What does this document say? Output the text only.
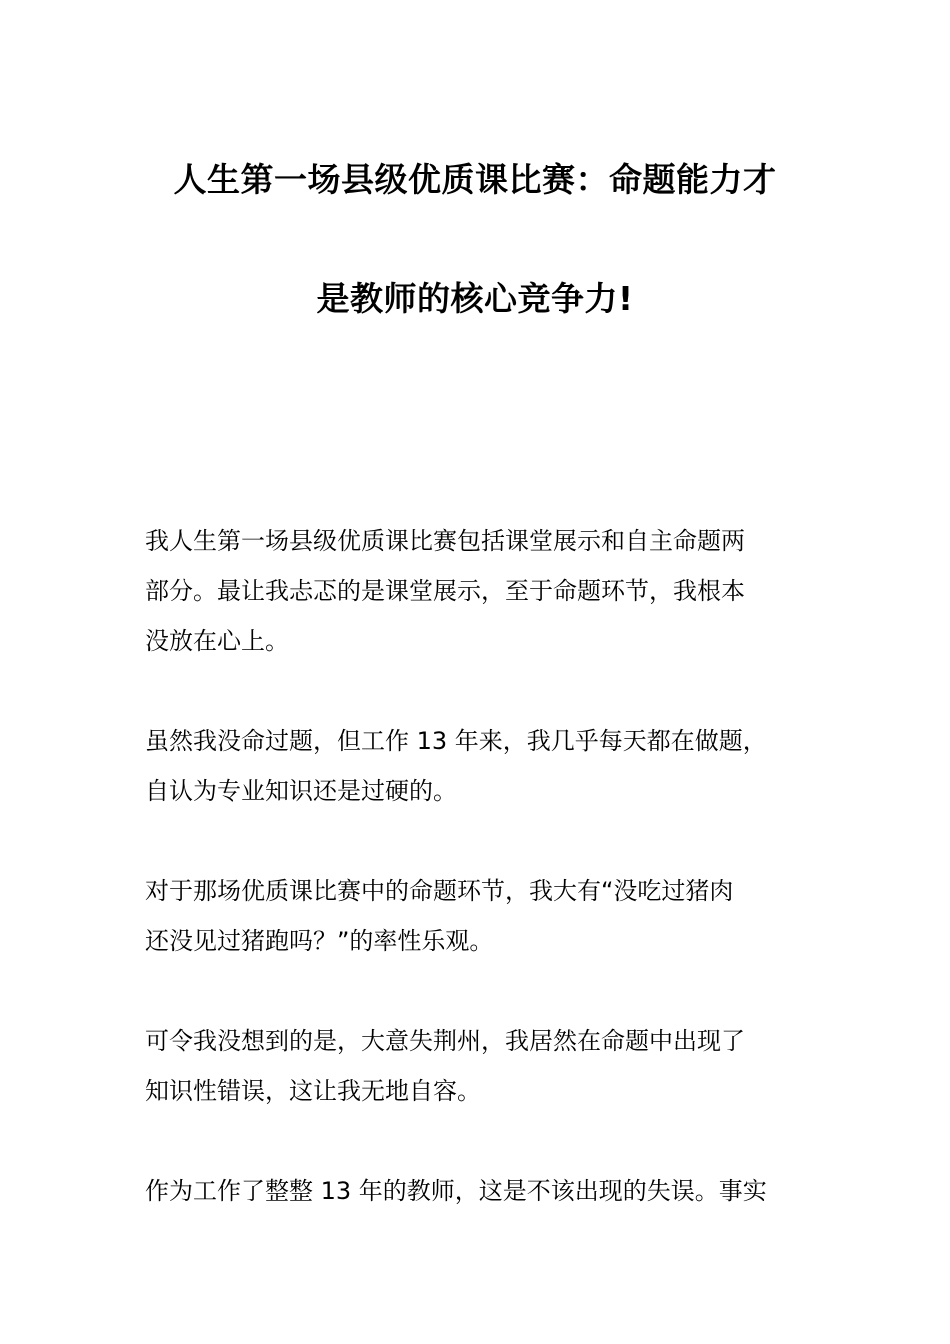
人生第一场县级优质课比赛：命题能力才
是教师的核心竞争力!

我人生第一场县级优质课比赛包括课堂展示和自主命题两
部分。最让我忐忑的是课堂展示，至于命题环节，我根本
没放在心上。

虽然我没命过题，但工作 13 年来，我几乎每天都在做题，
自认为专业知识还是过硬的。

对于那场优质课比赛中的命题环节，我大有“没吃过猪肉
还没见过猪跑吗？”的率性乐观。

可令我没想到的是，大意失荆州，我居然在命题中出现了
知识性错误，这让我无地自容。

作为工作了整整 13 年的教师，这是不该出现的失误。事实
